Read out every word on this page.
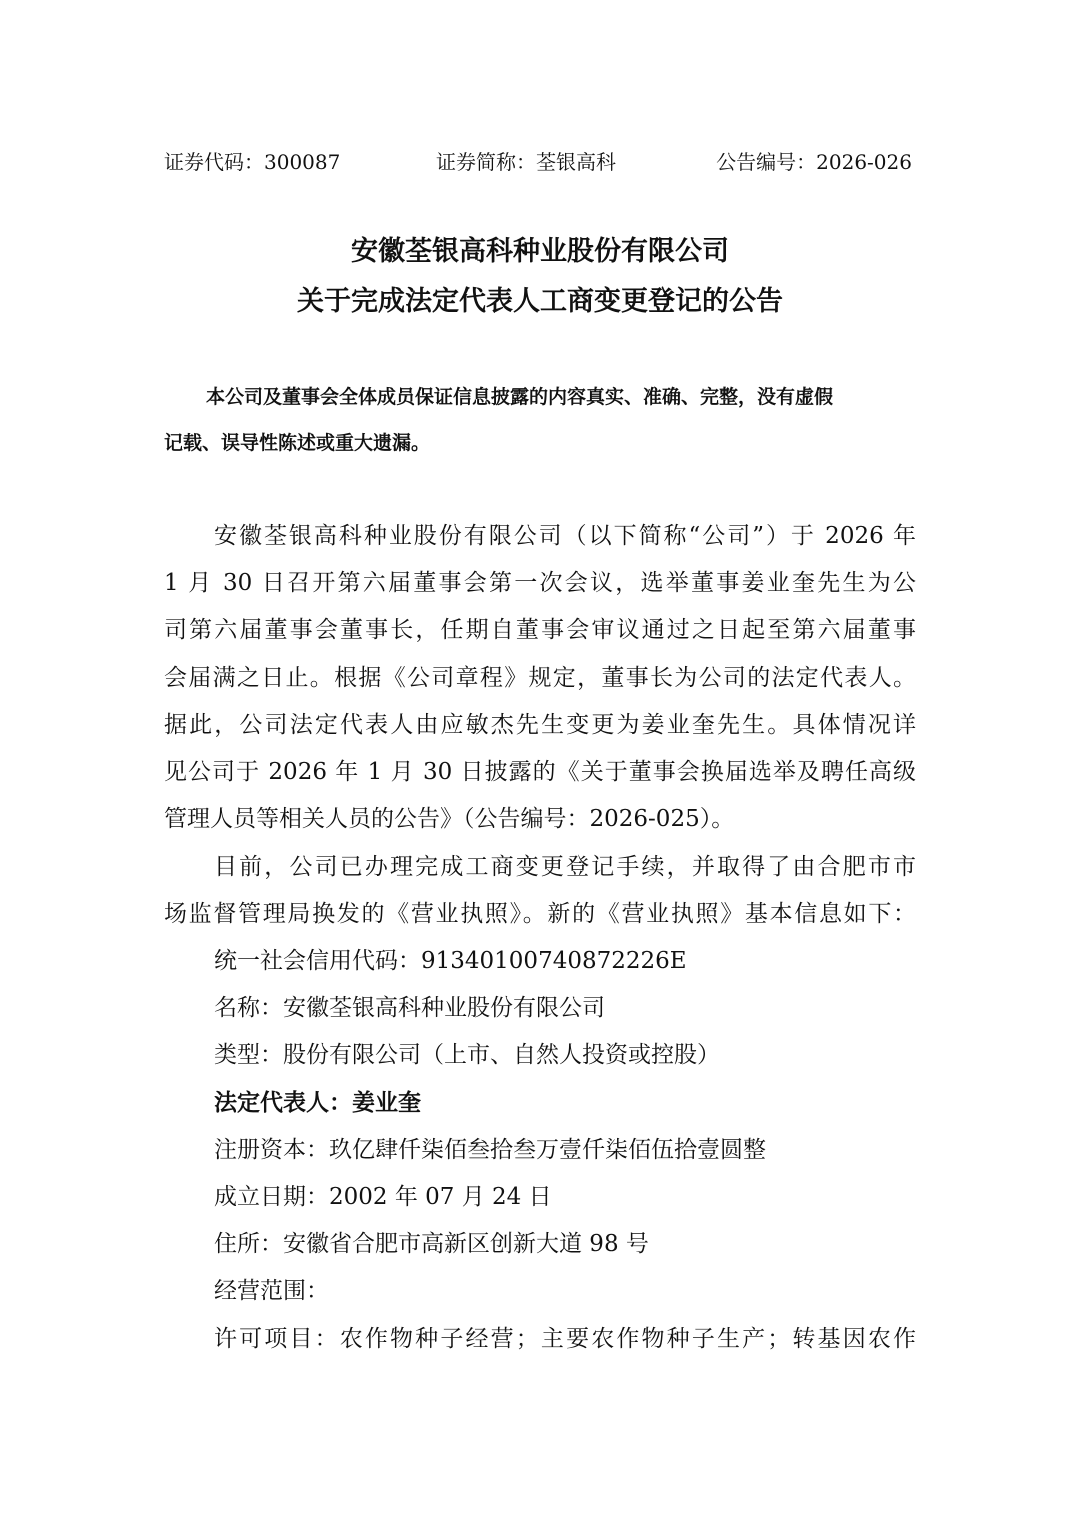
证券代码：300087	证券简称：荃银高科	公告编号：2026-026
安徽荃银高科种业股份有限公司
关于完成法定代表人工商变更登记的公告
本公司及董事会全体成员保证信息披露的内容真实、准确、完整，没有虚假
记载、误导性陈述或重大遗漏。
安徽荃银高科种业股份有限公司（以下简称“公司”）于 2026 年
1 月 30 日召开第六届董事会第一次会议，选举董事姜业奎先生为公
司第六届董事会董事长，任期自董事会审议通过之日起至第六届董事
会届满之日止。根据《公司章程》规定，董事长为公司的法定代表人。
据此，公司法定代表人由应敏杰先生变更为姜业奎先生。具体情况详
见公司于 2026 年 1 月 30 日披露的《关于董事会换届选举及聘任高级
管理人员等相关人员的公告》（公告编号：2026-025）。
目前，公司已办理完成工商变更登记手续，并取得了由合肥市市
场监督管理局换发的《营业执照》。新的《营业执照》基本信息如下：
统一社会信用代码：91340100740872226E
名称：安徽荃银高科种业股份有限公司
类型：股份有限公司（上市、自然人投资或控股）
法定代表人：姜业奎
注册资本：玖亿肆仟柒佰叁拾叁万壹仟柒佰伍拾壹圆整
成立日期：2002 年 07 月 24 日
住所：安徽省合肥市高新区创新大道 98 号
经营范围：
许可项目：农作物种子经营；主要农作物种子生产；转基因农作
